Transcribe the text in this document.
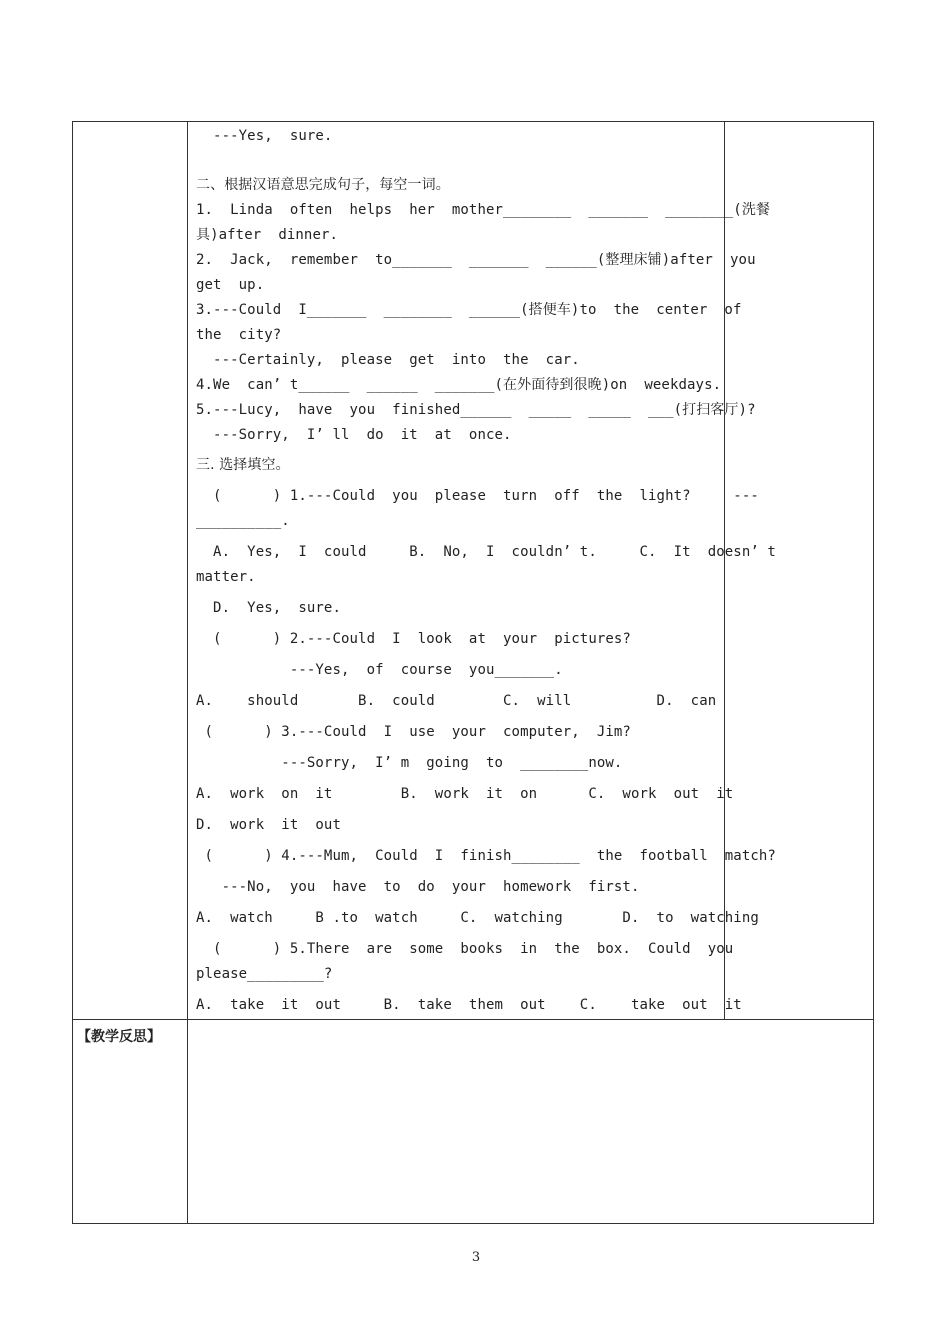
---Yes,  sure.
二、根据汉语意思完成句子，每空一词。
1.  Linda  often  helps  her  mother________  _______  ________(洗餐
具)after  dinner.
2.  Jack,  remember  to_______  _______  ______(整理床铺)after  you
get  up.
3.---Could  I_______  ________  ______(搭便车)to  the  center  of
the  city?
---Certainly,  please  get  into  the  car.
4.We  can’ t______  ______  _______(在外面待到很晚)on  weekdays.
5.---Lucy,  have  you  finished______  _____  _____  ___(打扫客厅)?
---Sorry,  I’ ll  do  it  at  once.
三. 选择填空。
(      ) 1.---Could  you  please  turn  off  the  light?     ---
__________.
A.  Yes,  I  could     B.  No,  I  couldn’ t.     C.  It  doesn’ t
matter.
D.  Yes,  sure.
(      ) 2.---Could  I  look  at  your  pictures?
---Yes,  of  course  you_______.
A.    should       B.  could        C.  will          D.  can
(      ) 3.---Could  I  use  your  computer,  Jim?
---Sorry,  I’ m  going  to  ________now.
A.  work  on  it        B.  work  it  on      C.  work  out  it
D.  work  it  out
(      ) 4.---Mum,  Could  I  finish________  the  football  match?
---No,  you  have  to  do  your  homework  first.
A.  watch     B .to  watch     C.  watching       D.  to  watching
(      ) 5.There  are  some  books  in  the  box.  Could  you
please_________?
A.  take  it  out     B.  take  them  out    C.    take  out  it
【教学反思】
3
